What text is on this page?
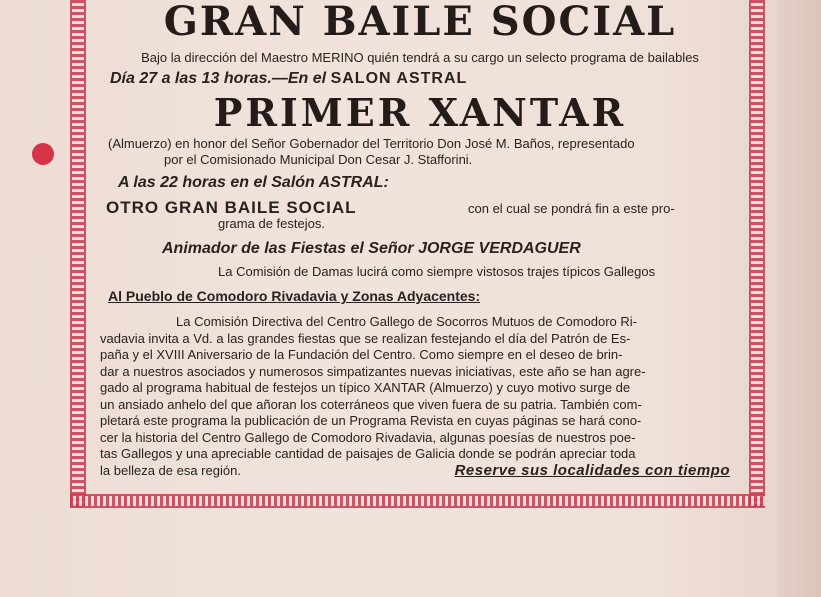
GRAN BAILE SOCIAL
Bajo la dirección del Maestro MERINO quién tendrá a su cargo un selecto programa de bailables
Día 27 a las 13 horas.—En el SALON ASTRAL
PRIMER XANTAR
(Almuerzo) en honor del Señor Gobernador del Territorio Don José M. Baños, representado
por el Comisionado Municipal Don Cesar J. Stafforini.
A las 22 horas en el Salón ASTRAL:
OTRO GRAN BAILE SOCIAL	con el cual se pondrá fin a este pro-
grama de festejos.
Animador de las Fiestas el Señor JORGE VERDAGUER
La Comisión de Damas lucirá como siempre vistosos trajes típicos Gallegos
Al Pueblo de Comodoro Rivadavia y Zonas Adyacentes:

La Comisión Directiva del Centro Gallego de Socorros Mutuos de Comodoro Ri-

vadavia invita a Vd. a las grandes fiestas que se realizan festejando el día del Patrón de Es-

paña y el XVIII Aniversario de la Fundación del Centro. Como siempre en el deseo de brin-

dar a nuestros asociados y numerosos simpatizantes nuevas iniciativas, este año se han agre-

gado al programa habitual de festejos un típico XANTAR (Almuerzo) y cuyo motivo surge de

un ansiado anhelo del que añoran los coterráneos que viven fuera de su patria. También com-

pletará este programa la publicación de un Programa Revista en cuyas páginas se hará cono-

cer la historia del Centro Gallego de Comodoro Rivadavia, algunas poesías de nuestros poe-

tas Gallegos y una apreciable cantidad de paisajes de Galicia donde se podrán apreciar toda

la belleza de esa región.	Reserve sus localidades con tiempo
